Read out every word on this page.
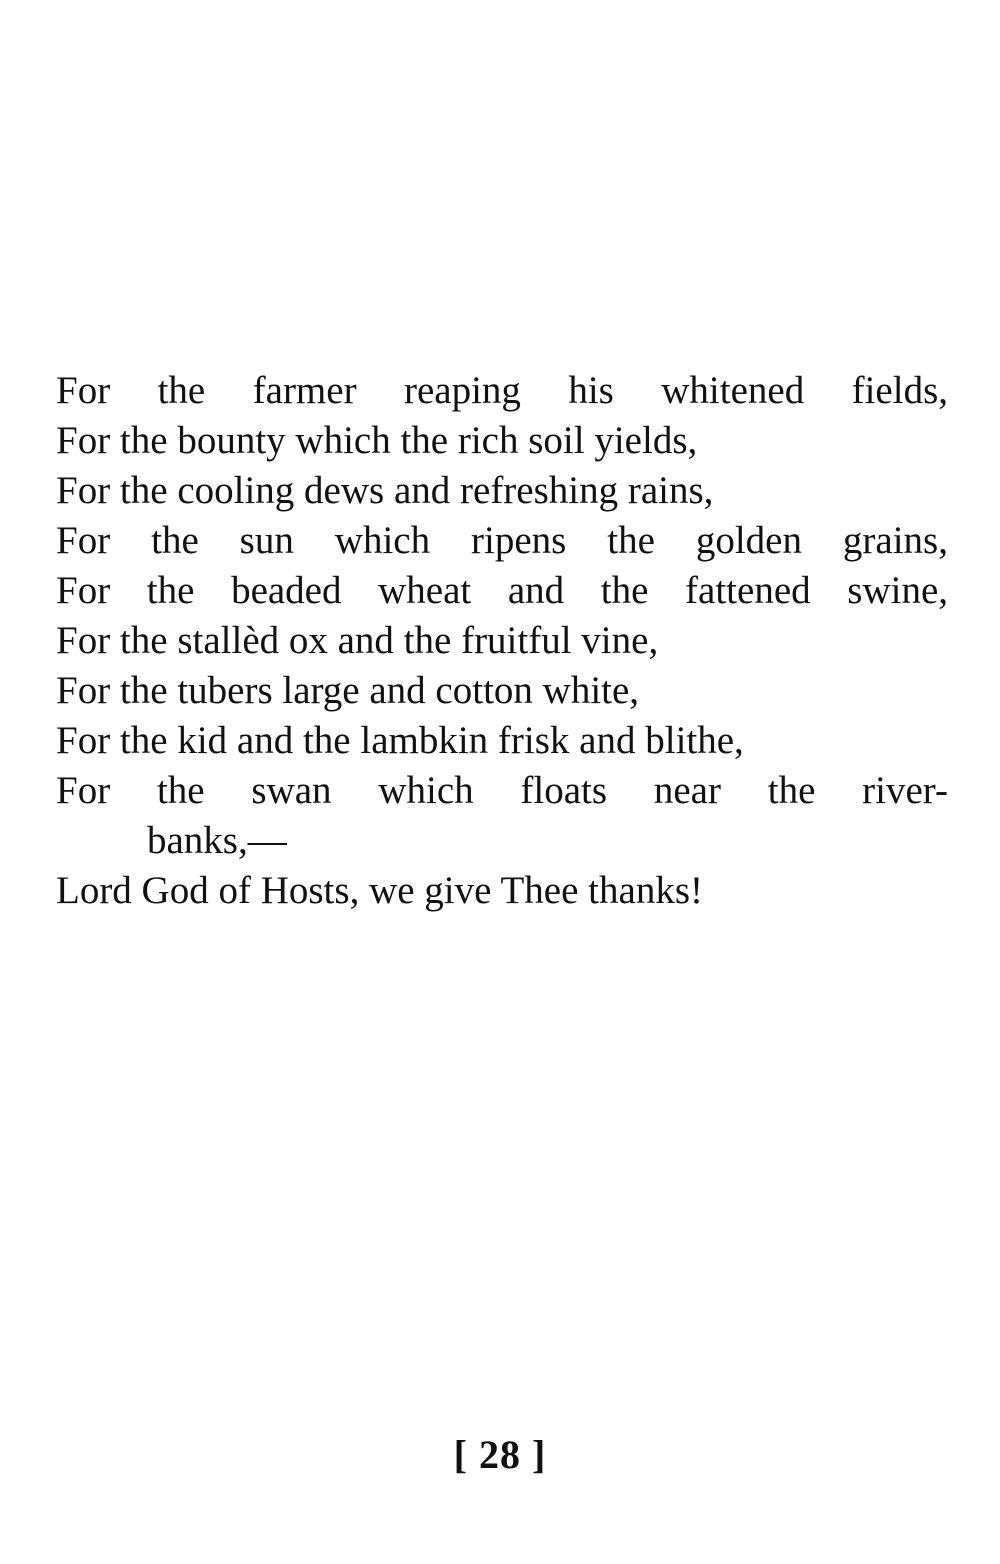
For the farmer reaping his whitened fields,
For the bounty which the rich soil yields,
For the cooling dews and refreshing rains,
For the sun which ripens the golden grains,
For the beaded wheat and the fattened swine,
For the stallèd ox and the fruitful vine,
For the tubers large and cotton white,
For the kid and the lambkin frisk and blithe,
For the swan which floats near the river-
banks,—
Lord God of Hosts, we give Thee thanks!
[ 28 ]
